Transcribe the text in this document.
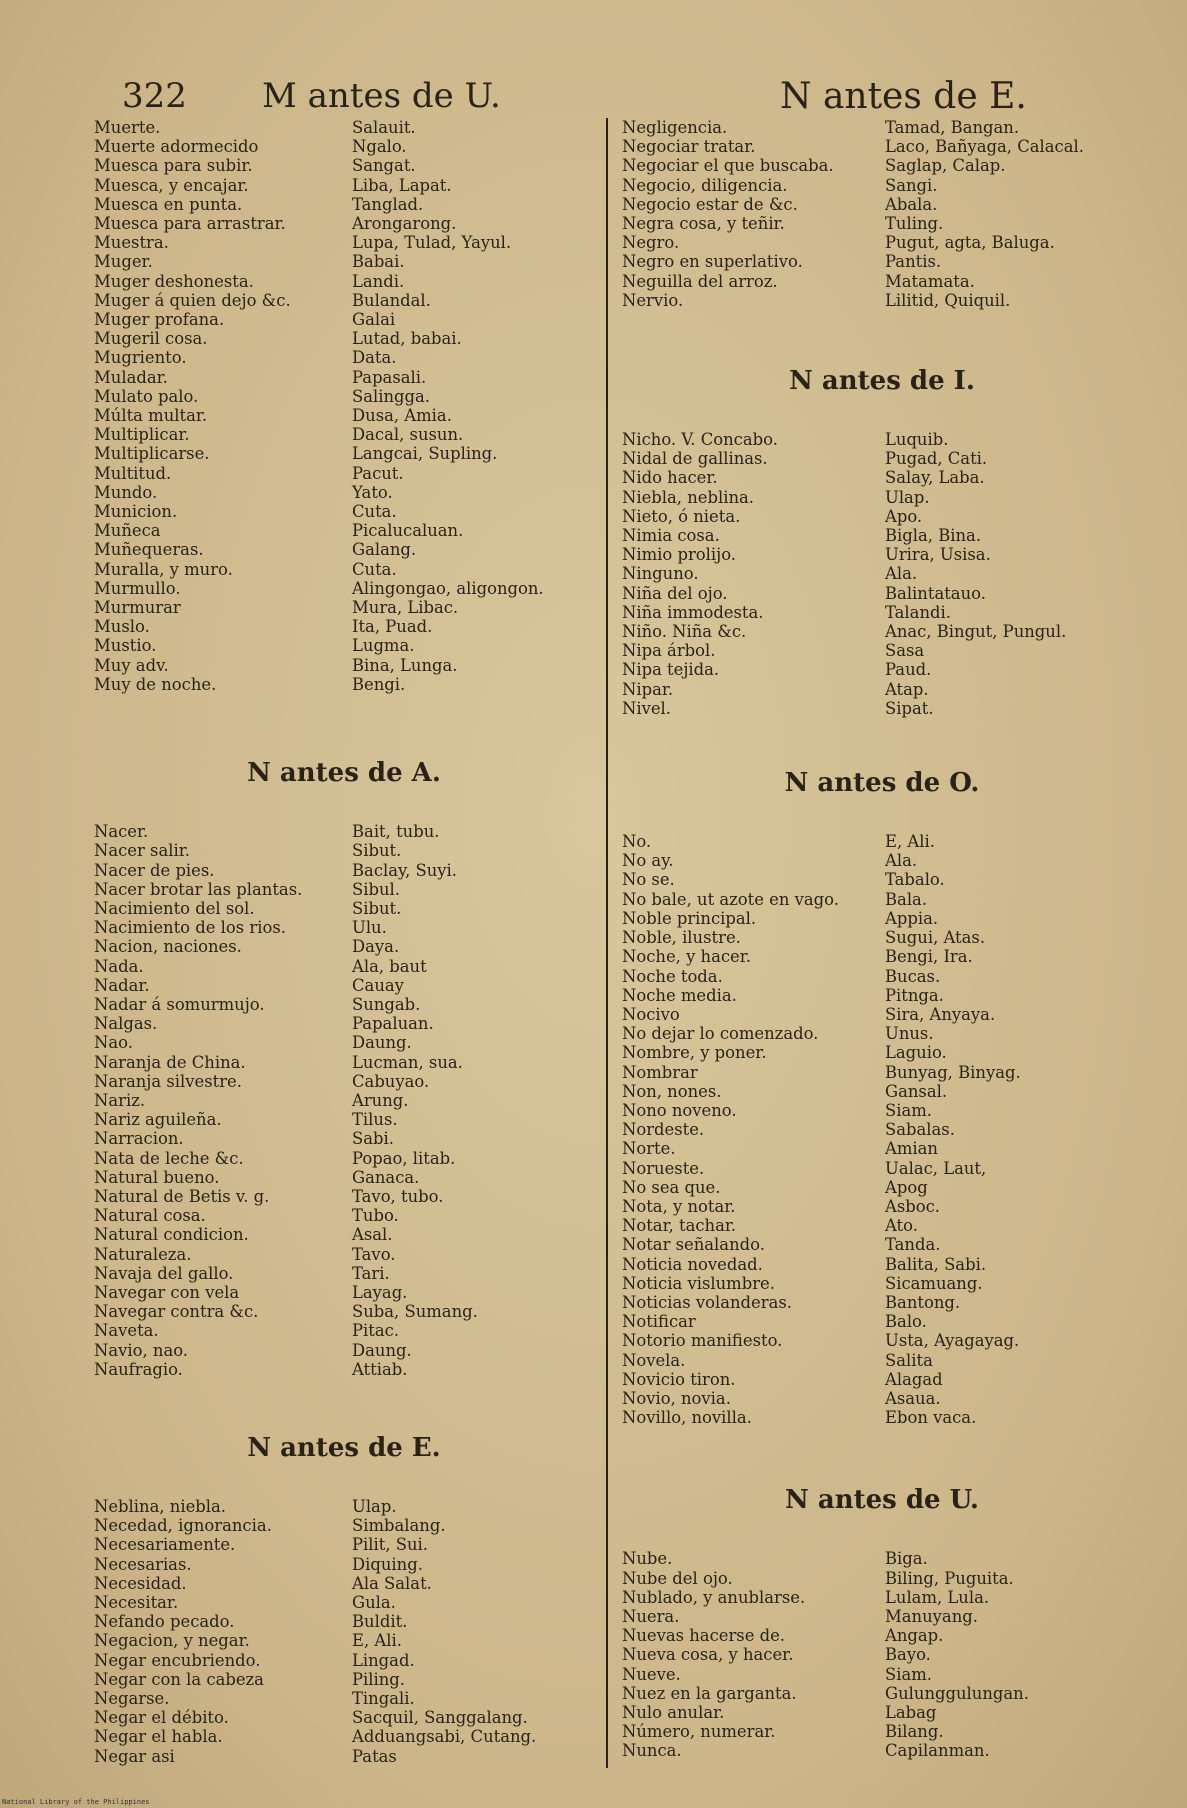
322 M antes de U.	N antes de E.
Muerte.	Salauit.
Muerte adormecido	Ngalo.
Muesca para subir.	Sangat.
Muesca, y encajar.	Liba, Lapat.
Muesca en punta.	Tanglad.
Muesca para arrastrar.	Arongarong.
Muestra.	Lupa, Tulad, Yayul.
Muger.	Babai.
Muger deshonesta.	Landi.
Muger á quien dejo &c.	Bulandal.
Muger profana.	Galai
Mugeril cosa.	Lutad, babai.
Mugriento.	Data.
Muladar.	Papasali.
Mulato palo.	Salingga.
Múlta multar.	Dusa, Amia.
Multiplicar.	Dacal, susun.
Multiplicarse.	Langcai, Supling.
Multitud.	Pacut.
Mundo.	Yato.
Municion.	Cuta.
Muñeca	Picalucaluan.
Muñequeras.	Galang.
Muralla, y muro.	Cuta.
Murmullo.	Alingongao, aligongon.
Murmurar	Mura, Libac.
Muslo.	Ita, Puad.
Mustio.	Lugma.
Muy adv.	Bina, Lunga.
Muy de noche.	Bengi.
N antes de A.
Nacer.	Bait, tubu.
Nacer salir.	Sibut.
Nacer de pies.	Baclay, Suyi.
Nacer brotar las plantas.	Sibul.
Nacimiento del sol.	Sibut.
Nacimiento de los rios.	Ulu.
Nacion, naciones.	Daya.
Nada.	Ala, baut
Nadar.	Cauay
Nadar á somurmujo.	Sungab.
Nalgas.	Papaluan.
Nao.	Daung.
Naranja de China.	Lucman, sua.
Naranja silvestre.	Cabuyao.
Nariz.	Arung.
Nariz aguileña.	Tilus.
Narracion.	Sabi.
Nata de leche &c.	Popao, litab.
Natural bueno.	Ganaca.
Natural de Betis v. g.	Tavo, tubo.
Natural cosa.	Tubo.
Natural condicion.	Asal.
Naturaleza.	Tavo.
Navaja del gallo.	Tari.
Navegar con vela	Layag.
Navegar contra &c.	Suba, Sumang.
Naveta.	Pitac.
Navio, nao.	Daung.
Naufragio.	Attiab.
N antes de E.
Neblina, niebla.	Ulap.
Necedad, ignorancia.	Simbalang.
Necesariamente.	Pilit, Sui.
Necesarias.	Diquing.
Necesidad.	Ala Salat.
Necesitar.	Gula.
Nefando pecado.	Buldit.
Negacion, y negar.	E, Ali.
Negar encubriendo.	Lingad.
Negar con la cabeza	Piling.
Negarse.	Tingali.
Negar el débito.	Sacquil, Sanggalang.
Negar el habla.	Adduangsabi, Cutang.
Negar asi	Patas
Negligencia.	Tamad, Bangan.
Negociar tratar.	Laco, Bañyaga, Calacal.
Negociar el que buscaba.	Saglap, Calap.
Negocio, diligencia.	Sangi.
Negocio estar de &c.	Abala.
Negra cosa, y teñir.	Tuling.
Negro.	Pugut, agta, Baluga.
Negro en superlativo.	Pantis.
Neguilla del arroz.	Matamata.
Nervio.	Lilitid, Quiquil.
N antes de I.
Nicho. V. Concabo.	Luquib.
Nidal de gallinas.	Pugad, Cati.
Nido hacer.	Salay, Laba.
Niebla, neblina.	Ulap.
Nieto, ó nieta.	Apo.
Nimia cosa.	Bigla, Bina.
Nimio prolijo.	Urira, Usisa.
Ninguno.	Ala.
Niña del ojo.	Balintatauo.
Niña immodesta.	Talandi.
Niño. Niña &c.	Anac, Bingut, Pungul.
Nipa árbol.	Sasa
Nipa tejida.	Paud.
Nipar.	Atap.
Nivel.	Sipat.
N antes de O.
No.	E, Ali.
No ay.	Ala.
No se.	Tabalo.
No bale, ut azote en vago.	Bala.
Noble principal.	Appia.
Noble, ilustre.	Sugui, Atas.
Noche, y hacer.	Bengi, Ira.
Noche toda.	Bucas.
Noche media.	Pitnga.
Nocivo	Sira, Anyaya.
No dejar lo comenzado.	Unus.
Nombre, y poner.	Laguio.
Nombrar	Bunyag, Binyag.
Non, nones.	Gansal.
Nono noveno.	Siam.
Nordeste.	Sabalas.
Norte.	Amian
Norueste.	Ualac, Laut,
No sea que.	Apog
Nota, y notar.	Asboc.
Notar, tachar.	Ato.
Notar señalando.	Tanda.
Noticia novedad.	Balita, Sabi.
Noticia vislumbre.	Sicamuang.
Noticias volanderas.	Bantong.
Notificar	Balo.
Notorio manifiesto.	Usta, Ayagayag.
Novela.	Salita
Novicio tiron.	Alagad
Novio, novia.	Asaua.
Novillo, novilla.	Ebon vaca.
N antes de U.
Nube.	Biga.
Nube del ojo.	Biling, Puguita.
Nublado, y anublarse.	Lulam, Lula.
Nuera.	Manuyang.
Nuevas hacerse de.	Angap.
Nueva cosa, y hacer.	Bayo.
Nueve.	Siam.
Nuez en la garganta.	Gulunggulungan.
Nulo anular.	Labag
Número, numerar.	Bilang.
Nunca.	Capilanman.
National Library of the Philippines
